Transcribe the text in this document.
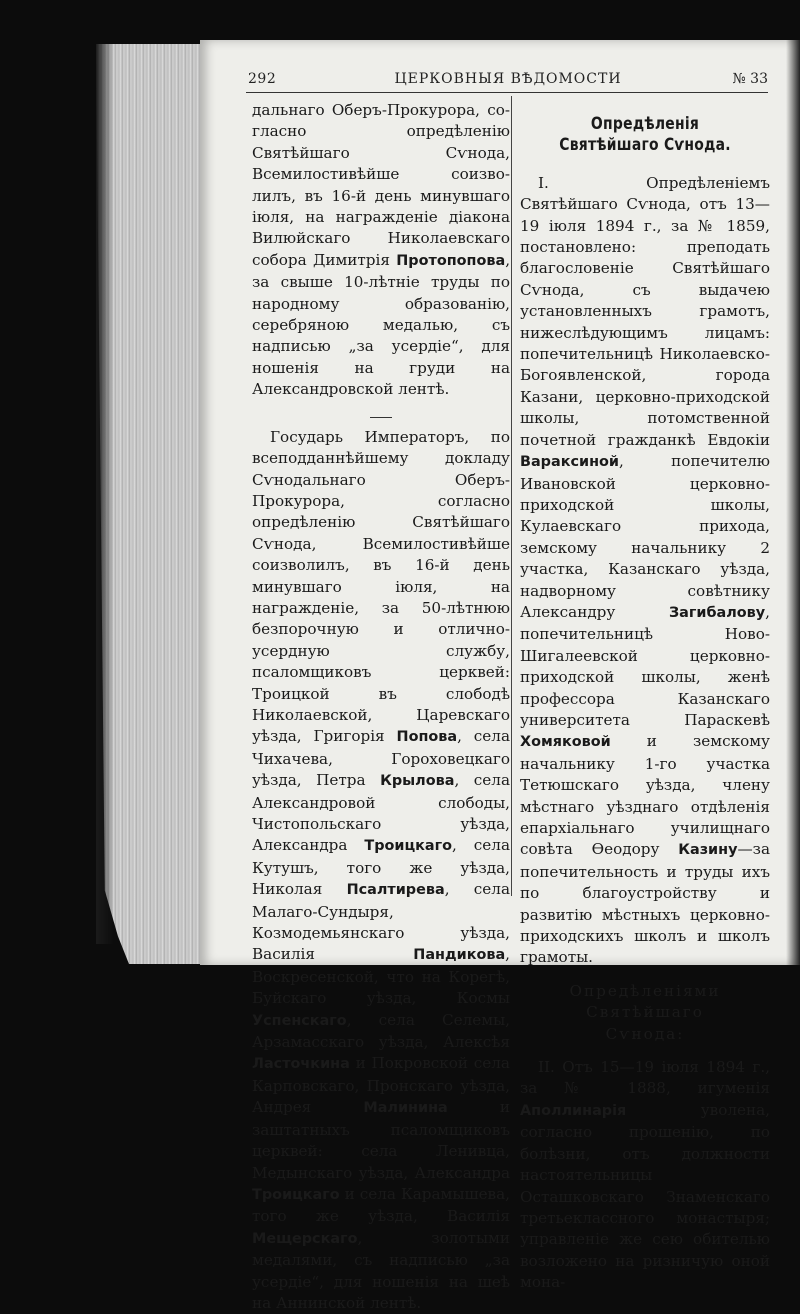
292	ЦЕРКОВНЫЯ ВѢДОМОСТИ	№ 33

дальнаго Оберъ-Прокурора, со- гласно опредѣленію Святѣйшаго	Сѵнода, Всемилостивѣйше соизво- лилъ, въ 16-й день минувшаго іюля, на награжденіе діакона Вилюйскаго Николаевскаго собора Димитрія Протопопова, за свыше 10-лѣтніе труды по народному образованію, серебряною медалью, съ надписью „за усердіе“, для ношенія на груди на Александровской лентѣ.

Государь Императоръ, по всеподданнѣйшему докладу Сѵнодальнаго Оберъ-Прокурора, согласно опредѣленію Святѣйшаго Сѵнода, Всемилостивѣйше соизволилъ, въ 16-й день минувшаго іюля, на награжденіе, за 50-лѣтнюю безпорочную и отлично-усердную службу, псаломщиковъ церквей: Троицкой въ слободѣ Николаевской, Царевскаго уѣзда, Григорія Попова, села Чихачева, Гороховецкаго уѣзда, Петра Крылова, села Александровой слободы, Чистопольскаго уѣзда, Александра Троицкаго, села Кутушъ, того же уѣзда, Николая Псалтирева, села Малаго-Сундыря, Козмодемьянскаго уѣзда, Василія	Пандикова, Воскресенской, что на Корегѣ, Буйскаго уѣзда, Космы Успенскаго, села Селемы, Арзамасскаго уѣзда, Алексѣя Ласточкина и Покровской села Карповскаго, Пронскаго уѣзда, Андрея	Малинина и заштатныхъ псаломщиковъ церквей: села Ленивца, Медынскаго уѣзда, Александра Троицкаго и села Карамышева, того же уѣзда, Василія Мещерскаго, золотыми медалями, съ надписью „за усердіе“, для ношенія на шеѣ на Аннинской лентѣ.

Опредѣленія Святѣйшаго Сѵнода.

I. Опредѣленіемъ Святѣйшаго Сѵнода, отъ 13—19 іюля 1894 г., за № 1859, постановлено: преподать благословеніе Святѣйшаго Сѵнода, съ выдачею установленныхъ грамотъ, нижеслѣдующимъ лицамъ: попечительницѣ Николаевско-Богоявленской, города Казани, церковно-приходской школы, потомственной почетной гражданкѣ Евдокіи Вараксиной, попечителю Ивановской церковно-приходской школы, Кулаевскаго прихода, земскому начальнику 2 участка, Казанскаго уѣзда, надворному совѣтнику Александру	Загибалову, попечительницѣ Ново-Шигалеевской церковно-приходской школы, женѣ профессора Казанскаго университета Параскевѣ Хомяковой и земскому начальнику 1-го участка Тетюшскаго уѣзда, члену мѣстнаго уѣзднаго отдѣленія епархіальнаго училищнаго совѣта Ѳеодору Казину—за попечительность и труды ихъ по благоустройству и развитію мѣстныхъ церковно-приходскихъ школъ и школъ грамоты.

Опредѣленіями Святѣйшаго

Сѵнода:

II. Отъ 15—19 іюля 1894 г., за № 1888, игуменія Аполлинарія уволена, согласно прошенію, по болѣзни, отъ должности настоятельницы Осташковскаго Знаменскаго третьеклассного монастыря; управленіе же сею обителью возложено на ризничую оной мона-
